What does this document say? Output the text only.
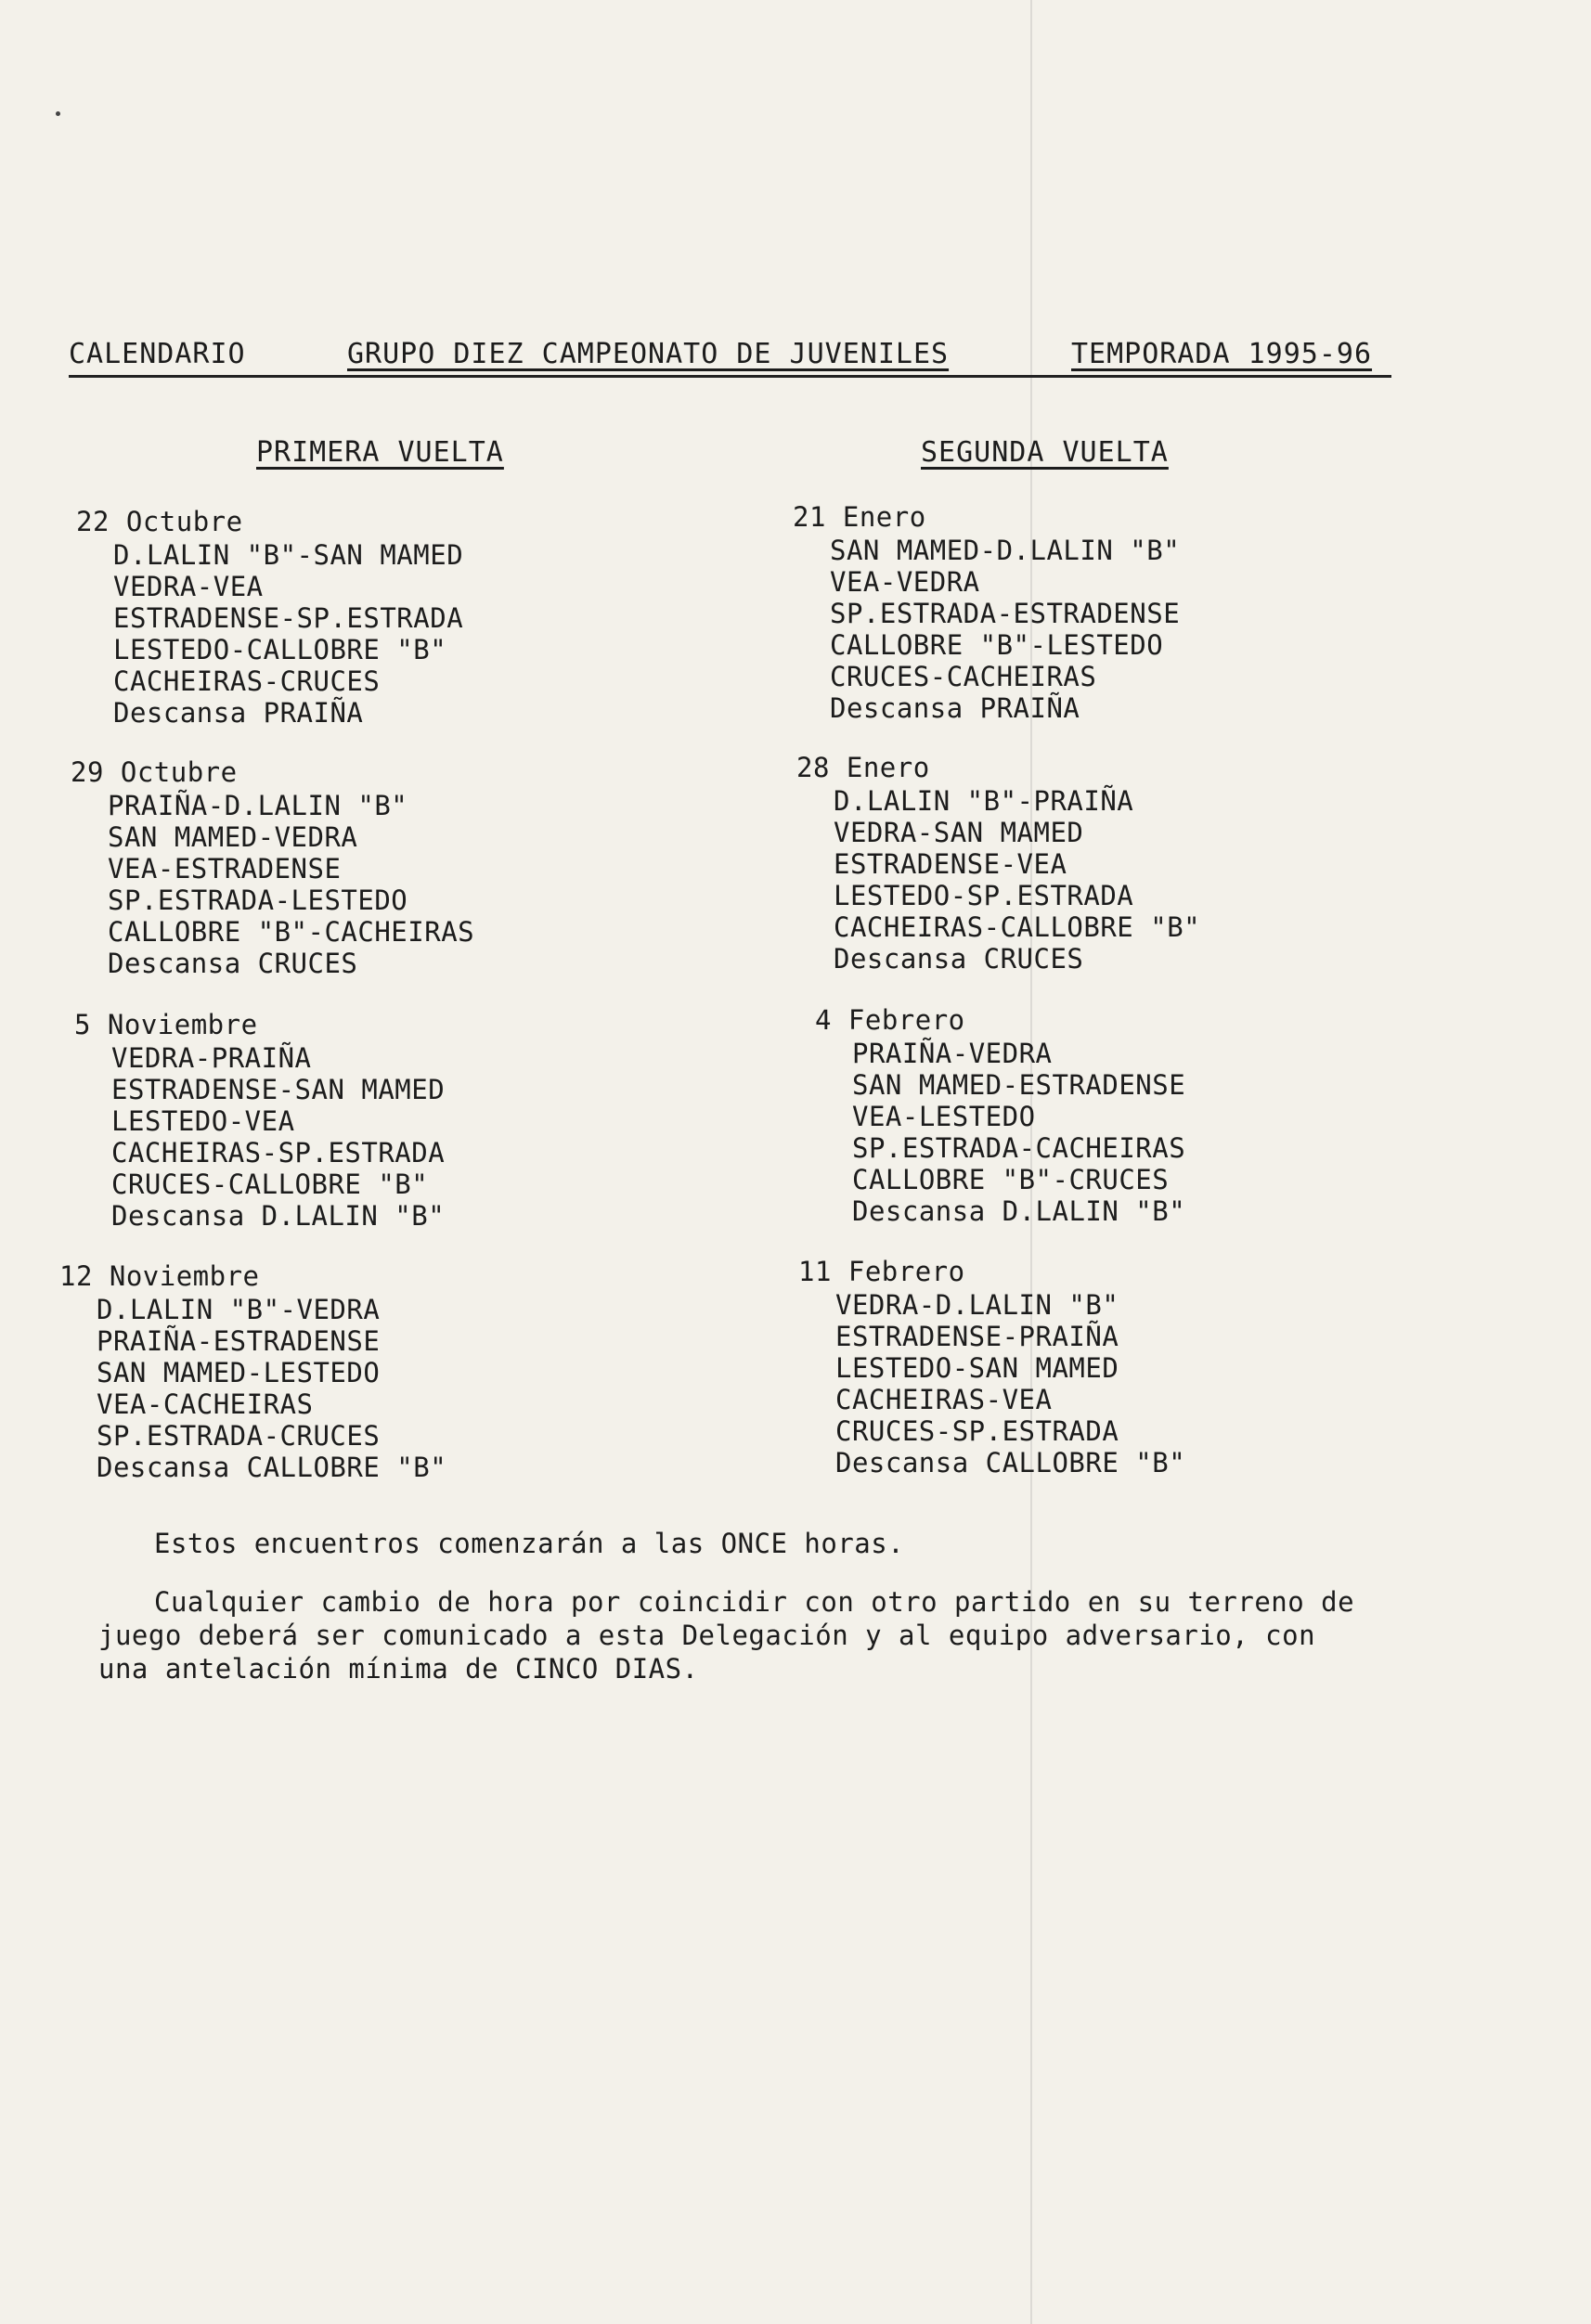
CALENDARIO	GRUPO DIEZ CAMPEONATO DE JUVENILES	TEMPORADA 1995-96
PRIMERA VUELTA
22 Octubre
D.LALIN "B"-SAN MAMED
VEDRA-VEA
ESTRADENSE-SP.ESTRADA
LESTEDO-CALLOBRE "B"
CACHEIRAS-CRUCES
Descansa PRAIÑA
29 Octubre
PRAIÑA-D.LALIN "B"
SAN MAMED-VEDRA
VEA-ESTRADENSE
SP.ESTRADA-LESTEDO
CALLOBRE "B"-CACHEIRAS
Descansa CRUCES
5 Noviembre
VEDRA-PRAIÑA
ESTRADENSE-SAN MAMED
LESTEDO-VEA
CACHEIRAS-SP.ESTRADA
CRUCES-CALLOBRE "B"
Descansa D.LALIN "B"
12 Noviembre
D.LALIN "B"-VEDRA
PRAIÑA-ESTRADENSE
SAN MAMED-LESTEDO
VEA-CACHEIRAS
SP.ESTRADA-CRUCES
Descansa CALLOBRE "B"
SEGUNDA VUELTA
21 Enero
SAN MAMED-D.LALIN "B"
VEA-VEDRA
SP.ESTRADA-ESTRADENSE
CALLOBRE "B"-LESTEDO
CRUCES-CACHEIRAS
Descansa PRAIÑA
28 Enero
D.LALIN "B"-PRAIÑA
VEDRA-SAN MAMED
ESTRADENSE-VEA
LESTEDO-SP.ESTRADA
CACHEIRAS-CALLOBRE "B"
Descansa CRUCES
4 Febrero
PRAIÑA-VEDRA
SAN MAMED-ESTRADENSE
VEA-LESTEDO
SP.ESTRADA-CACHEIRAS
CALLOBRE "B"-CRUCES
Descansa D.LALIN "B"
11 Febrero
VEDRA-D.LALIN "B"
ESTRADENSE-PRAIÑA
LESTEDO-SAN MAMED
CACHEIRAS-VEA
CRUCES-SP.ESTRADA
Descansa CALLOBRE "B"
Estos encuentros comenzarán a las ONCE horas.
Cualquier cambio de hora por coincidir con otro partido en su terreno de
juego deberá ser comunicado a esta Delegación y al equipo adversario, con
una antelación mínima de CINCO DIAS.
